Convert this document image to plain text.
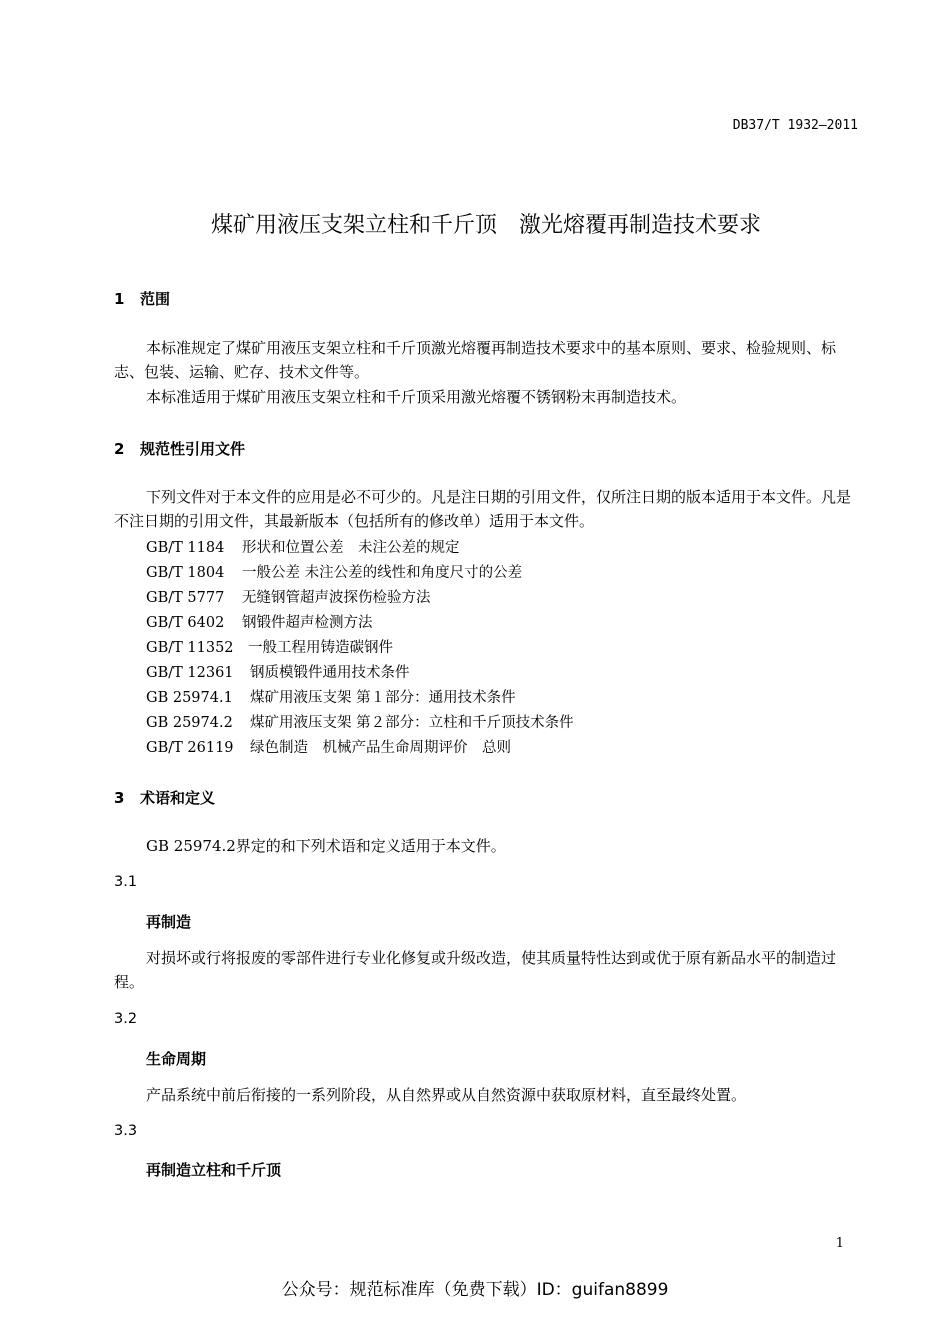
DB37/T 1932—2011
煤矿用液压支架立柱和千斤顶　激光熔覆再制造技术要求
1 范围
本标准规定了煤矿用液压支架立柱和千斤顶激光熔覆再制造技术要求中的基本原则、要求、检验规则、标志、包装、运输、贮存、技术文件等。
本标准适用于煤矿用液压支架立柱和千斤顶采用激光熔覆不锈钢粉末再制造技术。
2 规范性引用文件
下列文件对于本文件的应用是必不可少的。凡是注日期的引用文件，仅所注日期的版本适用于本文件。凡是不注日期的引用文件，其最新版本（包括所有的修改单）适用于本文件。
GB/T 1184 形状和位置公差　未注公差的规定
GB/T 1804 一般公差 未注公差的线性和角度尺寸的公差
GB/T 5777 无缝钢管超声波探伤检验方法
GB/T 6402 钢锻件超声检测方法
GB/T 11352 一般工程用铸造碳钢件
GB/T 12361 钢质模锻件通用技术条件
GB 25974.1 煤矿用液压支架 第１部分：通用技术条件
GB 25974.2 煤矿用液压支架 第２部分：立柱和千斤顶技术条件
GB/T 26119 绿色制造　机械产品生命周期评价　总则
3 术语和定义
GB 25974.2界定的和下列术语和定义适用于本文件。
3.1
再制造
对损坏或行将报废的零部件进行专业化修复或升级改造，使其质量特性达到或优于原有新品水平的制造过程。
3.2
生命周期
产品系统中前后衔接的一系列阶段，从自然界或从自然资源中获取原材料，直至最终处置。
3.3
再制造立柱和千斤顶
1
公众号：规范标准库（免费下载）ID：guifan8899
